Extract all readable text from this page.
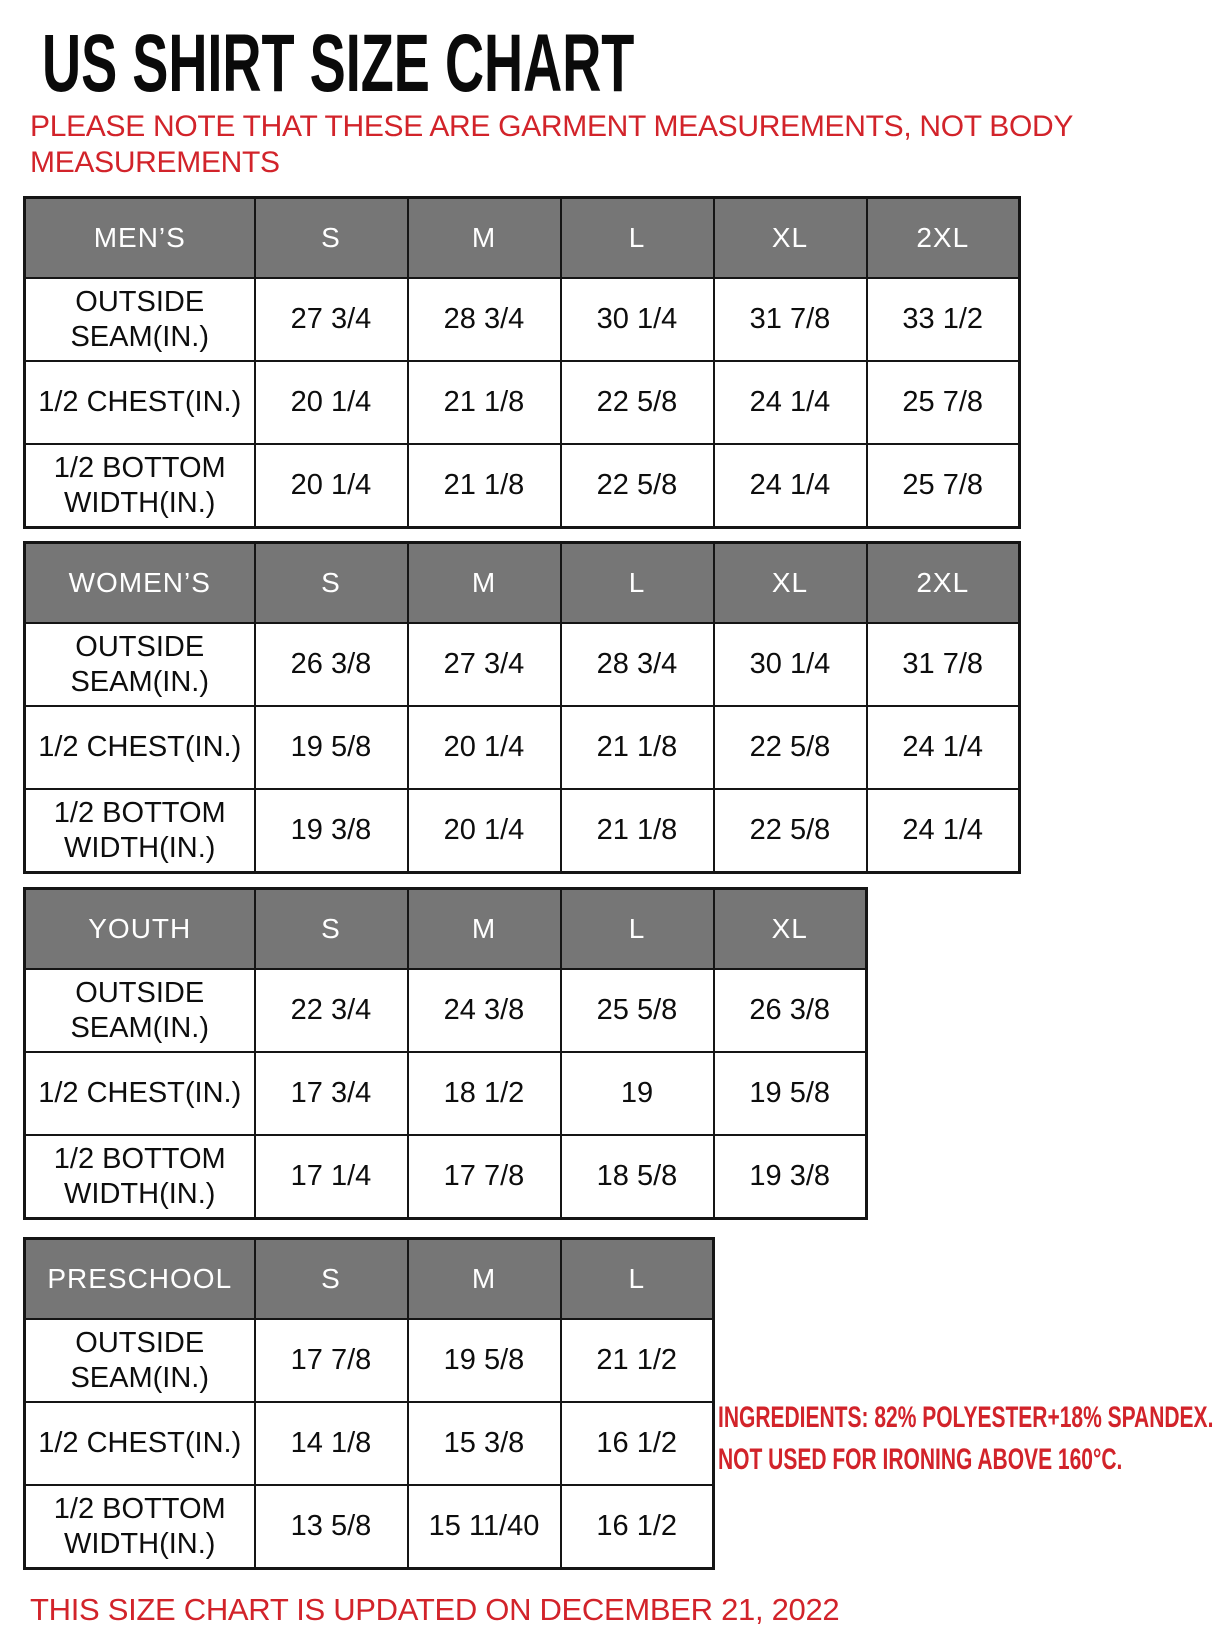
US SHIRT SIZE CHART
PLEASE NOTE THAT THESE ARE GARMENT MEASUREMENTS, NOT BODY
MEASUREMENTS
MEN’S	S	M	L	XL	2XL
OUTSIDE
SEAM(IN.)	27 3/4	28 3/4	30 1/4	31 7/8	33 1/2
1/2 CHEST(IN.)	20 1/4	21 1/8	22 5/8	24 1/4	25 7/8
1/2 BOTTOM
WIDTH(IN.)	20 1/4	21 1/8	22 5/8	24 1/4	25 7/8
WOMEN’S	S	M	L	XL	2XL
OUTSIDE
SEAM(IN.)	26 3/8	27 3/4	28 3/4	30 1/4	31 7/8
1/2 CHEST(IN.)	19 5/8	20 1/4	21 1/8	22 5/8	24 1/4
1/2 BOTTOM
WIDTH(IN.)	19 3/8	20 1/4	21 1/8	22 5/8	24 1/4
YOUTH	S	M	L	XL
OUTSIDE
SEAM(IN.)	22 3/4	24 3/8	25 5/8	26 3/8
1/2 CHEST(IN.)	17 3/4	18 1/2	19	19 5/8
1/2 BOTTOM
WIDTH(IN.)	17 1/4	17 7/8	18 5/8	19 3/8
PRESCHOOL	S	M	L
OUTSIDE
SEAM(IN.)	17 7/8	19 5/8	21 1/2
1/2 CHEST(IN.)	14 1/8	15 3/8	16 1/2
1/2 BOTTOM
WIDTH(IN.)	13 5/8	15 11/40	16 1/2
INGREDIENTS: 82% POLYESTER+18% SPANDEX.
NOT USED FOR IRONING ABOVE 160°C.
THIS SIZE CHART IS UPDATED ON DECEMBER 21, 2022
